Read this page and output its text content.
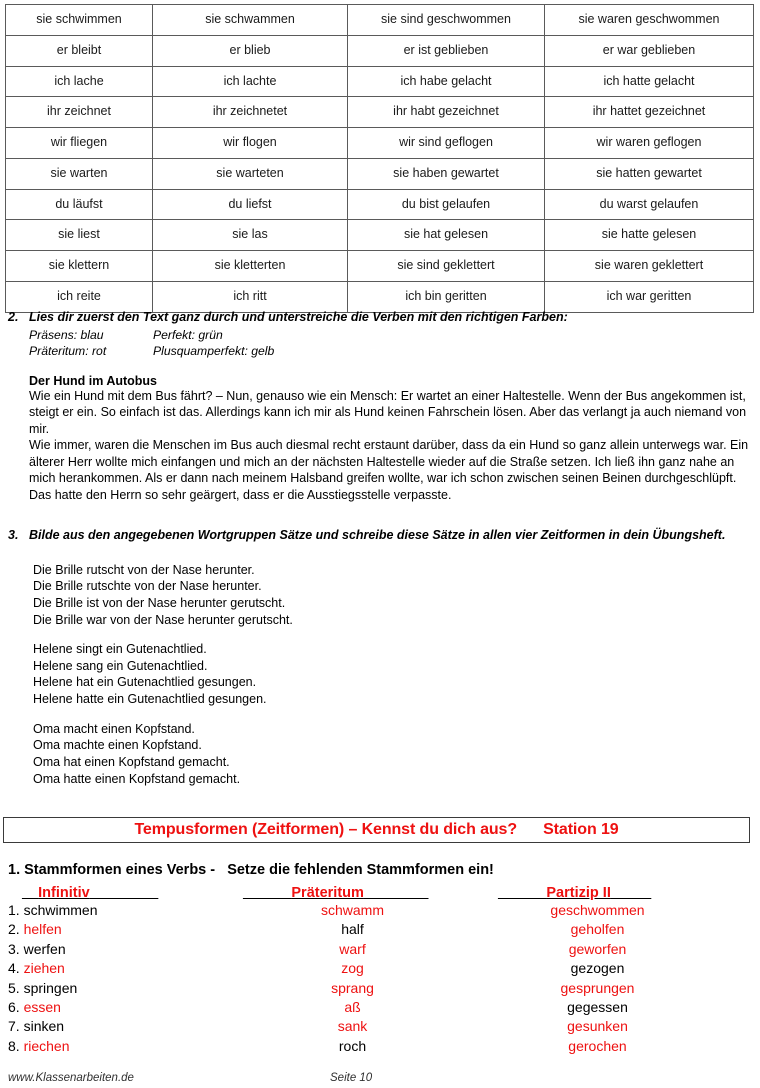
sie schwimmen	sie schwammen	sie sind geschwommen	sie waren geschwommen
er bleibt	er blieb	er ist geblieben	er war geblieben
ich lache	ich lachte	ich habe gelacht	ich hatte gelacht
ihr zeichnet	ihr zeichnetet	ihr habt gezeichnet	ihr hattet gezeichnet
wir fliegen	wir flogen	wir sind geflogen	wir waren geflogen
sie warten	sie warteten	sie haben gewartet	sie hatten gewartet
du läufst	du liefst	du bist gelaufen	du warst gelaufen
sie liest	sie las	sie hat gelesen	sie hatte gelesen
sie klettern	sie kletterten	sie sind geklettert	sie waren geklettert
ich reite	ich ritt	ich bin geritten	ich war geritten
2. Lies dir zuerst den Text ganz durch und unterstreiche die Verben mit den richtigen Farben:
Präsens: blau	Perfekt: grün
Präteritum: rot	Plusquamperfekt: gelb
Der Hund im Autobus
Wie ein Hund mit dem Bus fährt? – Nun, genauso wie ein Mensch: Er wartet an einer Haltestelle. Wenn der Bus angekommen ist, steigt er ein. So einfach ist das. Allerdings kann ich mir als Hund keinen Fahrschein lösen. Aber das verlangt ja auch niemand von mir.
Wie immer, waren die Menschen im Bus auch diesmal recht erstaunt darüber, dass da ein Hund so ganz allein unterwegs war. Ein älterer Herr wollte mich einfangen und mich an der nächsten Haltestelle wieder auf die Straße setzen. Ich ließ ihn ganz nahe an mich herankommen. Als er dann nach meinem Halsband greifen wollte, war ich schon zwischen seinen Beinen durchgeschlüpft. Das hatte den Herrn so sehr geärgert, dass er die Ausstiegsstelle verpasste.
3. Bilde aus den angegebenen Wortgruppen Sätze und schreibe diese Sätze in allen vier Zeitformen in dein Übungsheft.
Die Brille rutscht von der Nase herunter.
Die Brille rutschte von der Nase herunter.
Die Brille ist von der Nase herunter gerutscht.
Die Brille war von der Nase herunter gerutscht.
Helene singt ein Gutenachtlied.
Helene sang ein Gutenachtlied.
Helene hat ein Gutenachtlied gesungen.
Helene hatte ein Gutenachtlied gesungen.
Oma macht einen Kopfstand.
Oma machte einen Kopfstand.
Oma hat einen Kopfstand gemacht.
Oma hatte einen Kopfstand gemacht.
Tempusformen (Zeitformen) – Kennst du dich aus?      Station 19
1. Stammformen eines Verbs -   Setze die fehlenden Stammformen ein!
__Infinitiv ________	______Präteritum________	______Partizip II_____
1. schwimmen	schwamm	geschwommen
2. helfen	half	geholfen
3. werfen	warf	geworfen
4. ziehen	zog	gezogen
5. springen	sprang	gesprungen
6. essen	aß	gegessen
7. sinken	sank	gesunken
8. riechen	roch	gerochen
www.Klassenarbeiten.de	Seite 10
